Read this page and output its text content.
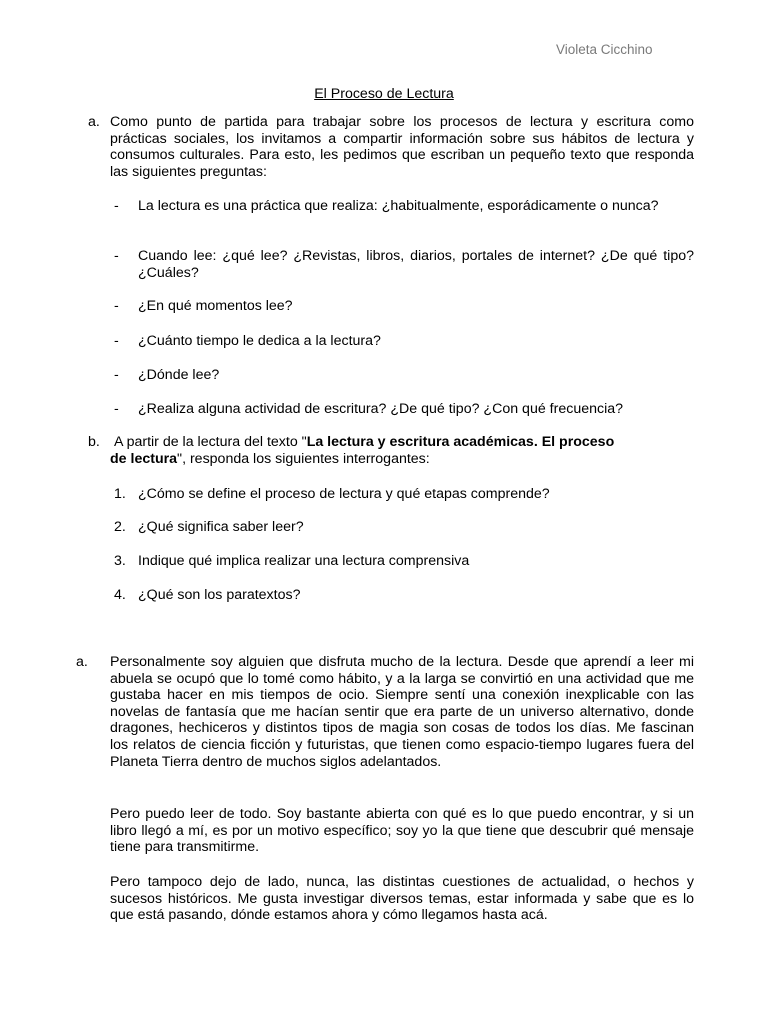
Violeta Cicchino
El Proceso de Lectura
a. Como punto de partida para trabajar sobre los procesos de lectura y escritura como prácticas sociales, los invitamos a compartir información sobre sus hábitos de lectura y consumos culturales. Para esto, les pedimos que escriban un pequeño texto que responda las siguientes preguntas:
- La lectura es una práctica que realiza: ¿habitualmente, esporádicamente o nunca?
- Cuando lee: ¿qué lee? ¿Revistas, libros, diarios, portales de internet? ¿De qué tipo? ¿Cuáles?
- ¿En qué momentos lee?
- ¿Cuánto tiempo le dedica a la lectura?
- ¿Dónde lee?
- ¿Realiza alguna actividad de escritura? ¿De qué tipo? ¿Con qué frecuencia?
b. A partir de la lectura del texto "La lectura y escritura académicas. El proceso de lectura", responda los siguientes interrogantes:
1. ¿Cómo se define el proceso de lectura y qué etapas comprende?
2. ¿Qué significa saber leer?
3. Indique qué implica realizar una lectura comprensiva
4. ¿Qué son los paratextos?
a. Personalmente soy alguien que disfruta mucho de la lectura. Desde que aprendí a leer mi abuela se ocupó que lo tomé como hábito, y a la larga se convirtió en una actividad que me gustaba hacer en mis tiempos de ocio. Siempre sentí una conexión inexplicable con las novelas de fantasía que me hacían sentir que era parte de un universo alternativo, donde dragones, hechiceros y distintos tipos de magia son cosas de todos los días. Me fascinan los relatos de ciencia ficción y futuristas, que tienen como espacio-tiempo lugares fuera del Planeta Tierra dentro de muchos siglos adelantados.
Pero puedo leer de todo. Soy bastante abierta con qué es lo que puedo encontrar, y si un libro llegó a mí, es por un motivo específico; soy yo la que tiene que descubrir qué mensaje tiene para transmitirme.
Pero tampoco dejo de lado, nunca, las distintas cuestiones de actualidad, o hechos y sucesos históricos. Me gusta investigar diversos temas, estar informada y sabe que es lo que está pasando, dónde estamos ahora y cómo llegamos hasta acá.
